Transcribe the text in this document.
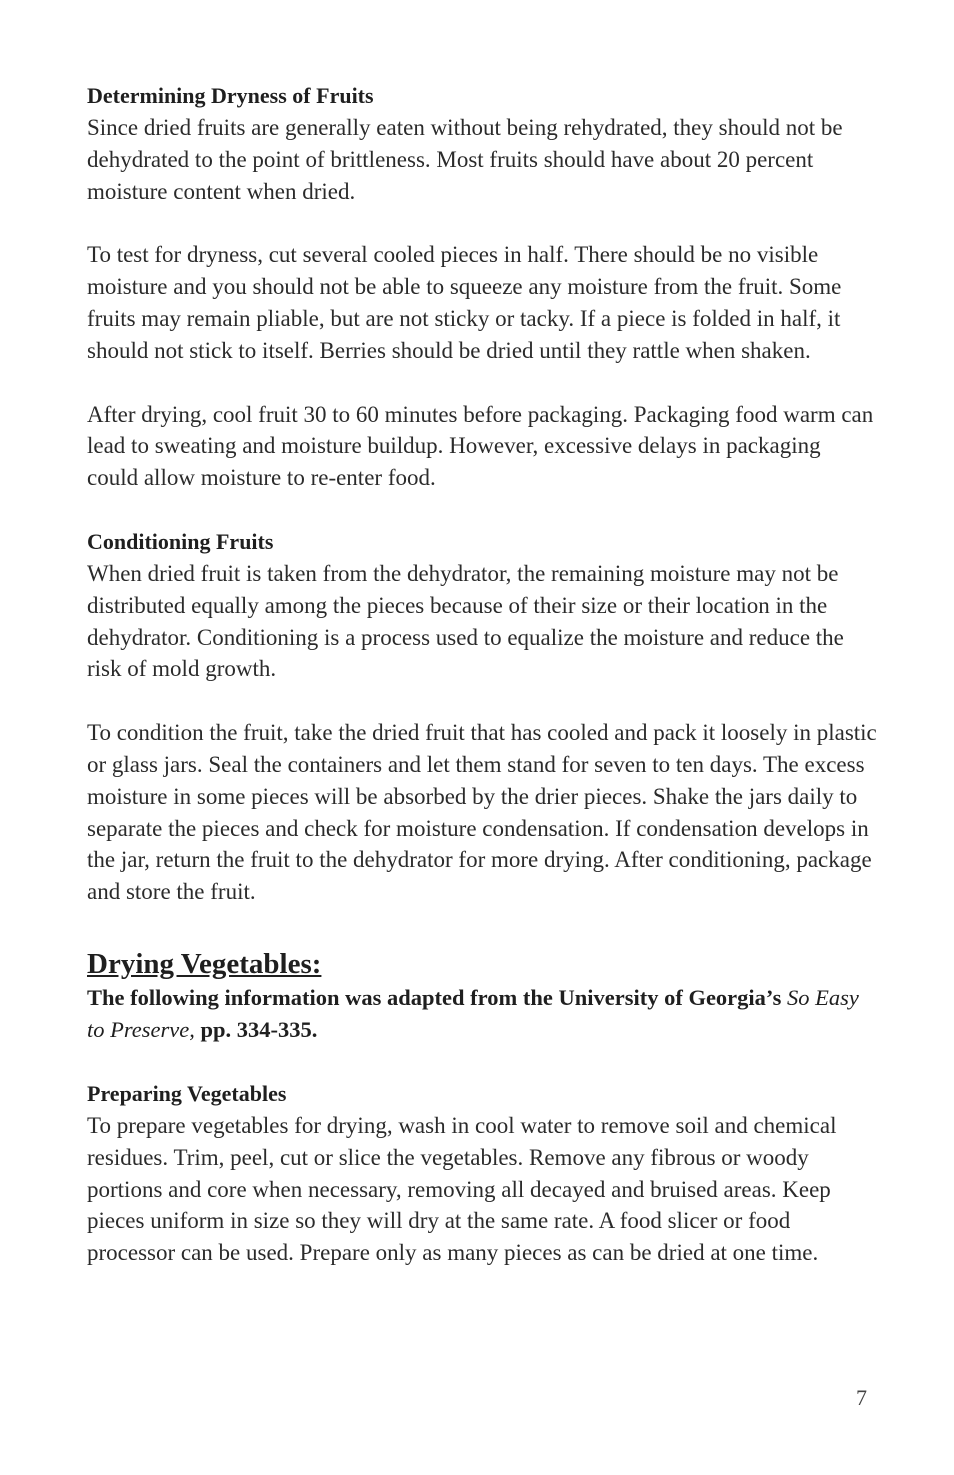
Determining Dryness of Fruits

Since dried fruits are generally eaten without being rehydrated, they should not be dehydrated to the point of brittleness. Most fruits should have about 20 percent moisture content when dried.

To test for dryness, cut several cooled pieces in half. There should be no visible moisture and you should not be able to squeeze any moisture from the fruit. Some fruits may remain pliable, but are not sticky or tacky. If a piece is folded in half, it should not stick to itself. Berries should be dried until they rattle when shaken.

After drying, cool fruit 30 to 60 minutes before packaging. Packaging food warm can lead to sweating and moisture buildup. However, excessive delays in packaging could allow moisture to re-enter food.

Conditioning Fruits

When dried fruit is taken from the dehydrator, the remaining moisture may not be distributed equally among the pieces because of their size or their location in the dehydrator. Conditioning is a process used to equalize the moisture and reduce the risk of mold growth.

To condition the fruit, take the dried fruit that has cooled and pack it loosely in plastic or glass jars. Seal the containers and let them stand for seven to ten days. The excess moisture in some pieces will be absorbed by the drier pieces. Shake the jars daily to separate the pieces and check for moisture condensation. If condensation develops in the jar, return the fruit to the dehydrator for more drying. After conditioning, package and store the fruit.

Drying Vegetables:

The following information was adapted from the University of Georgia’s So Easy to Preserve, pp. 334-335.

Preparing Vegetables

To prepare vegetables for drying, wash in cool water to remove soil and chemical residues. Trim, peel, cut or slice the vegetables. Remove any fibrous or woody portions and core when necessary, removing all decayed and bruised areas. Keep pieces uniform in size so they will dry at the same rate. A food slicer or food processor can be used. Prepare only as many pieces as can be dried at one time.

7
